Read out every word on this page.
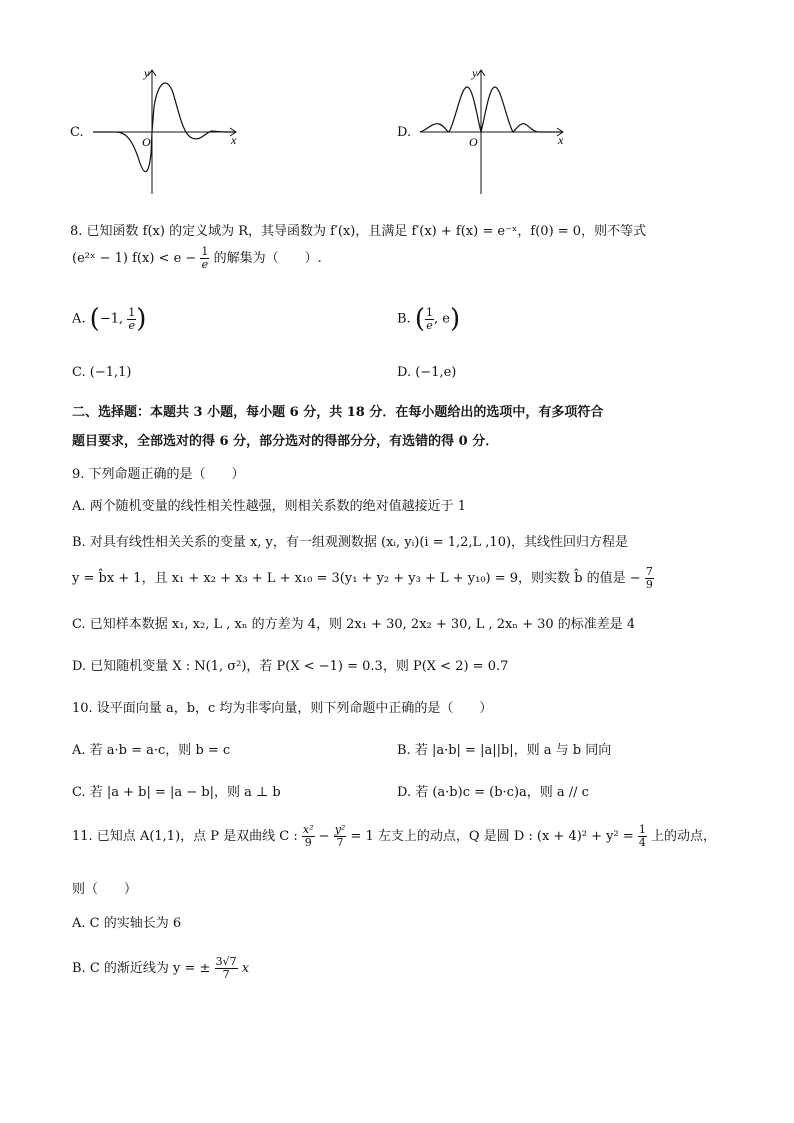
C.
y
x
O
D.
y
x
O
8. 已知函数 f(x) 的定义域为 R，其导函数为 f′(x)，且满足 f′(x) + f(x) = e⁻ˣ，f(0) = 0，则不等式
(e²ˣ − 1) $f(x) < e - \frac{1}{e}$ 的解集为（　　）.
A. (−1, $\frac{1}{e}$ )	B. ( $\frac{1}{e}$ , e)
C. (−1,1)	D. (−1,e)
二、选择题：本题共 3 小题，每小题 6 分，共 18 分．在每小题给出的选项中，有多项符合
题目要求，全部选对的得 6 分，部分选对的得部分分，有选错的得 0 分．
9. 下列命题正确的是（　　）
A. 两个随机变量的线性相关性越强，则相关系数的绝对值越接近于 1
B. 对具有线性相关关系的变量 x, y，有一组观测数据 (xᵢ, yᵢ)(i = 1,2,L ,10)，其线性回归方程是
y = b̂x + 1，且 x₁ + x₂ + x₃ + L + x₁₀ = 3(y₁ + y₂ + y₃ + L + y₁₀) = 9，则实数 b̂ 的值是 − $\frac{7}{9}$
C. 已知样本数据 x₁, x₂, L , xₙ 的方差为 4，则 2x₁ + 30, 2x₂ + 30, L , 2xₙ + 30 的标准差是 4
D. 已知随机变量 X : N(1, σ²)，若 P(X < −1) = 0.3，则 P(X < 2) = 0.7
10. 设平面向量 a，b，c 均为非零向量，则下列命题中正确的是（　　）
A. 若 a·b = a·c，则 b = c	B. 若 |a·b| = |a||b|，则 a 与 b 同向
C. 若 |a + b| = |a − b|，则 a ⊥ b	D. 若 (a·b)c = (b·c)a，则 a // c
11. 已知点 A(1,1)，点 P 是双曲线 C : $\frac{\text{x²}}{9} - \frac{\text{y²}}{7} = 1$ 左支上的动点，Q 是圆 D : $(x + 4)^2 + y^2 = \frac{1}{4}$ 上的动点，
则（　　）
A. C 的实轴长为 6
B. C 的渐近线为 y = ± $\frac{3√7}{7}$ x
